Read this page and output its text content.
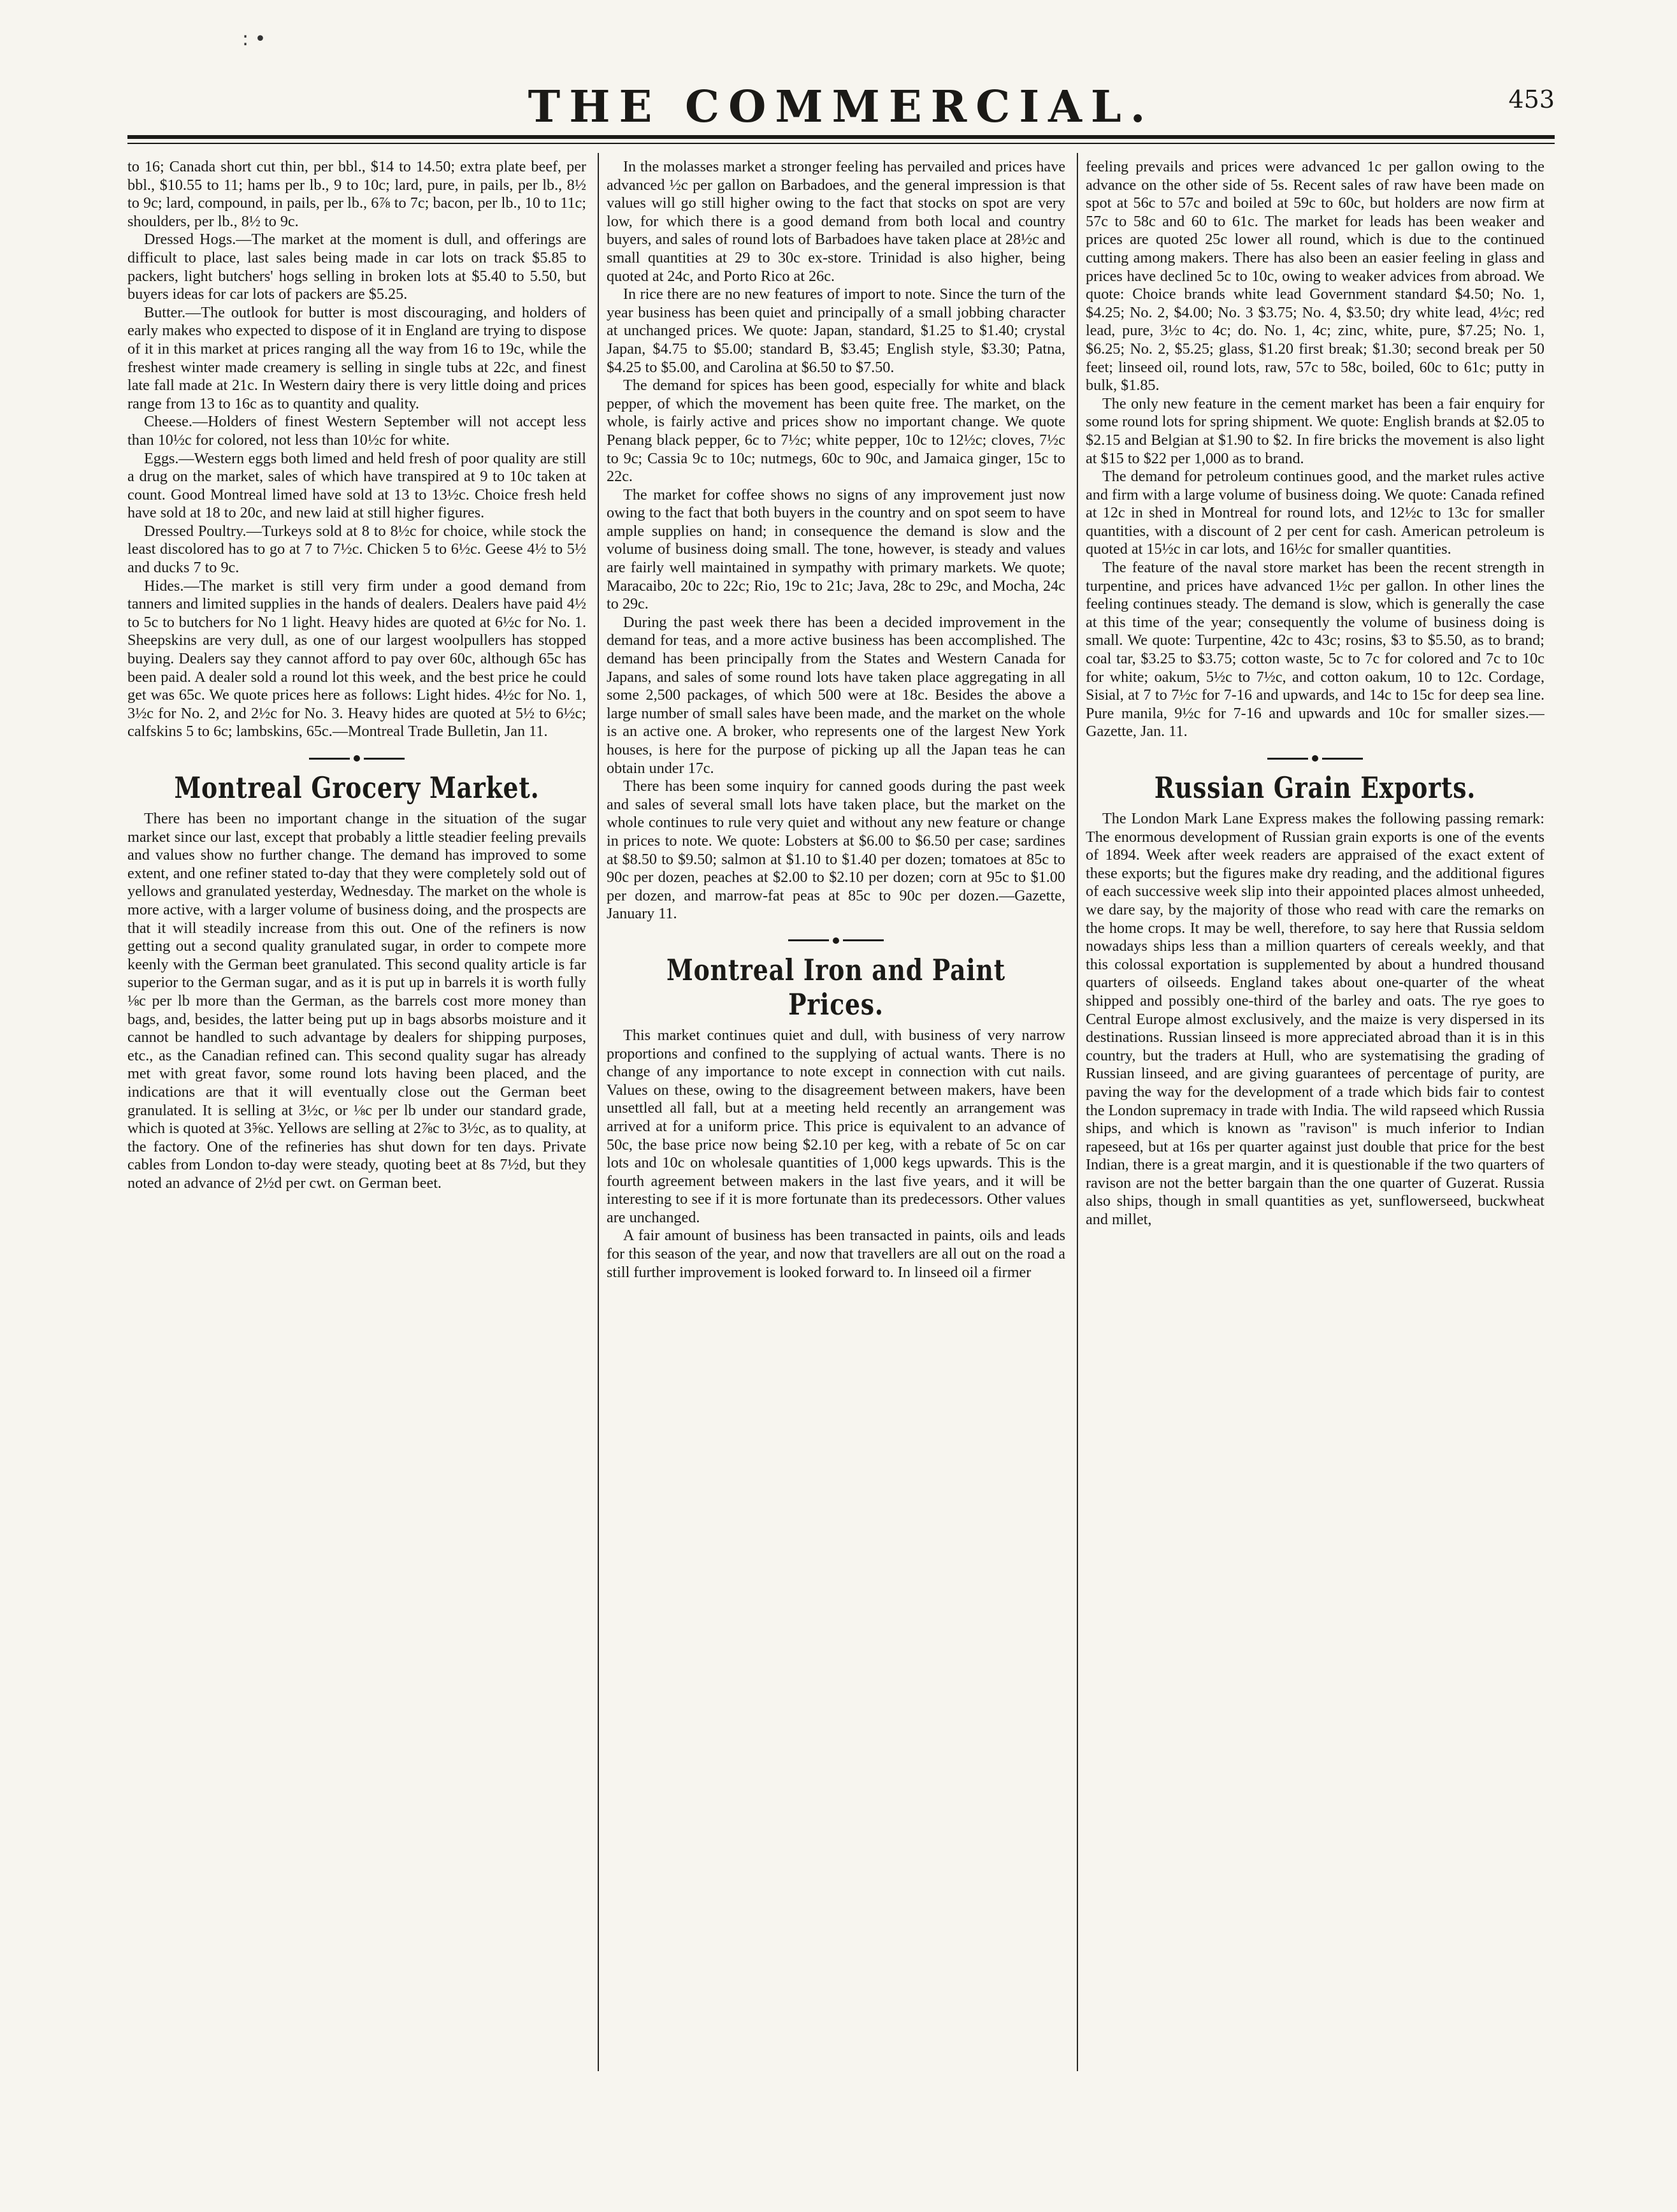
: •
THE COMMERCIAL.	453

to 16; Canada short cut thin, per bbl., $14 to 14.50; extra plate beef, per bbl., $10.55 to 11; hams per lb., 9 to 10c; lard, pure, in pails, per lb., 8½ to 9c; lard, compound, in pails, per lb., 6⅞ to 7c; bacon, per lb., 10 to 11c; shoulders, per lb., 8½ to 9c.

Dressed Hogs.—The market at the moment is dull, and offerings are difficult to place, last sales being made in car lots on track $5.85 to packers, light butchers' hogs selling in broken lots at $5.40 to 5.50, but buyers ideas for car lots of packers are $5.25.

Butter.—The outlook for butter is most discouraging, and holders of early makes who expected to dispose of it in England are trying to dispose of it in this market at prices ranging all the way from 16 to 19c, while the freshest winter made creamery is selling in single tubs at 22c, and finest late fall made at 21c. In Western dairy there is very little doing and prices range from 13 to 16c as to quantity and quality.

Cheese.—Holders of finest Western September will not accept less than 10½c for colored, not less than 10½c for white.

Eggs.—Western eggs both limed and held fresh of poor quality are still a drug on the market, sales of which have transpired at 9 to 10c taken at count. Good Montreal limed have sold at 13 to 13½c. Choice fresh held have sold at 18 to 20c, and new laid at still higher figures.

Dressed Poultry.—Turkeys sold at 8 to 8½c for choice, while stock the least discolored has to go at 7 to 7½c. Chicken 5 to 6½c. Geese 4½ to 5½ and ducks 7 to 9c.

Hides.—The market is still very firm under a good demand from tanners and limited supplies in the hands of dealers. Dealers have paid 4½ to 5c to butchers for No 1 light. Heavy hides are quoted at 6½c for No. 1. Sheepskins are very dull, as one of our largest woolpullers has stopped buying. Dealers say they cannot afford to pay over 60c, although 65c has been paid. A dealer sold a round lot this week, and the best price he could get was 65c. We quote prices here as follows: Light hides. 4½c for No. 1, 3½c for No. 2, and 2½c for No. 3. Heavy hides are quoted at 5½ to 6½c; calfskins 5 to 6c; lambskins, 65c.—Montreal Trade Bulletin, Jan 11.

Montreal Grocery Market.

There has been no important change in the situation of the sugar market since our last, except that probably a little steadier feeling prevails and values show no further change. The demand has improved to some extent, and one refiner stated to-day that they were completely sold out of yellows and granulated yesterday, Wednesday. The market on the whole is more active, with a larger volume of business doing, and the prospects are that it will steadily increase from this out. One of the refiners is now getting out a second quality granulated sugar, in order to compete more keenly with the German beet granulated. This second quality article is far superior to the German sugar, and as it is put up in barrels it is worth fully ⅛c per lb more than the German, as the barrels cost more money than bags, and, besides, the latter being put up in bags absorbs moisture and it cannot be handled to such advantage by dealers for shipping purposes, etc., as the Canadian refined can. This second quality sugar has already met with great favor, some round lots having been placed, and the indications are that it will eventually close out the German beet granulated. It is selling at 3½c, or ⅛c per lb under our standard grade, which is quoted at 3⅝c. Yellows are selling at 2⅞c to 3½c, as to quality, at the factory. One of the refineries has shut down for ten days. Private cables from London to-day were steady, quoting beet at 8s 7½d, but they noted an advance of 2½d per cwt. on German beet.

In the molasses market a stronger feeling has pervailed and prices have advanced ½c per gallon on Barbadoes, and the general impression is that values will go still higher owing to the fact that stocks on spot are very low, for which there is a good demand from both local and country buyers, and sales of round lots of Barbadoes have taken place at 28½c and small quantities at 29 to 30c ex-store. Trinidad is also higher, being quoted at 24c, and Porto Rico at 26c.

In rice there are no new features of import to note. Since the turn of the year business has been quiet and principally of a small jobbing character at unchanged prices. We quote: Japan, standard, $1.25 to $1.40; crystal Japan, $4.75 to $5.00; standard B, $3.45; English style, $3.30; Patna, $4.25 to $5.00, and Carolina at $6.50 to $7.50.

The demand for spices has been good, especially for white and black pepper, of which the movement has been quite free. The market, on the whole, is fairly active and prices show no important change. We quote Penang black pepper, 6c to 7½c; white pepper, 10c to 12½c; cloves, 7½c to 9c; Cassia 9c to 10c; nutmegs, 60c to 90c, and Jamaica ginger, 15c to 22c.

The market for coffee shows no signs of any improvement just now owing to the fact that both buyers in the country and on spot seem to have ample supplies on hand; in consequence the demand is slow and the volume of business doing small. The tone, however, is steady and values are fairly well maintained in sympathy with primary markets. We quote; Maracaibo, 20c to 22c; Rio, 19c to 21c; Java, 28c to 29c, and Mocha, 24c to 29c.

During the past week there has been a decided improvement in the demand for teas, and a more active business has been accomplished. The demand has been principally from the States and Western Canada for Japans, and sales of some round lots have taken place aggregating in all some 2,500 packages, of which 500 were at 18c. Besides the above a large number of small sales have been made, and the market on the whole is an active one. A broker, who represents one of the largest New York houses, is here for the purpose of picking up all the Japan teas he can obtain under 17c.

There has been some inquiry for canned goods during the past week and sales of several small lots have taken place, but the market on the whole continues to rule very quiet and without any new feature or change in prices to note. We quote: Lobsters at $6.00 to $6.50 per case; sardines at $8.50 to $9.50; salmon at $1.10 to $1.40 per dozen; tomatoes at 85c to 90c per dozen, peaches at $2.00 to $2.10 per dozen; corn at 95c to $1.00 per dozen, and marrow-fat peas at 85c to 90c per dozen.—Gazette, January 11.

Montreal Iron and Paint Prices.

This market continues quiet and dull, with business of very narrow proportions and confined to the supplying of actual wants. There is no change of any importance to note except in connection with cut nails. Values on these, owing to the disagreement between makers, have been unsettled all fall, but at a meeting held recently an arrangement was arrived at for a uniform price. This price is equivalent to an advance of 50c, the base price now being $2.10 per keg, with a rebate of 5c on car lots and 10c on wholesale quantities of 1,000 kegs upwards. This is the fourth agreement between makers in the last five years, and it will be interesting to see if it is more fortunate than its predecessors. Other values are unchanged.

A fair amount of business has been transacted in paints, oils and leads for this season of the year, and now that travellers are all out on the road a still further improvement is looked forward to. In linseed oil a firmer

feeling prevails and prices were advanced 1c per gallon owing to the advance on the other side of 5s. Recent sales of raw have been made on spot at 56c to 57c and boiled at 59c to 60c, but holders are now firm at 57c to 58c and 60 to 61c. The market for leads has been weaker and prices are quoted 25c lower all round, which is due to the continued cutting among makers. There has also been an easier feeling in glass and prices have declined 5c to 10c, owing to weaker advices from abroad. We quote: Choice brands white lead Government standard $4.50; No. 1, $4.25; No. 2, $4.00; No. 3 $3.75; No. 4, $3.50; dry white lead, 4½c; red lead, pure, 3½c to 4c; do. No. 1, 4c; zinc, white, pure, $7.25; No. 1, $6.25; No. 2, $5.25; glass, $1.20 first break; $1.30; second break per 50 feet; linseed oil, round lots, raw, 57c to 58c, boiled, 60c to 61c; putty in bulk, $1.85.

The only new feature in the cement market has been a fair enquiry for some round lots for spring shipment. We quote: English brands at $2.05 to $2.15 and Belgian at $1.90 to $2. In fire bricks the movement is also light at $15 to $22 per 1,000 as to brand.

The demand for petroleum continues good, and the market rules active and firm with a large volume of business doing. We quote: Canada refined at 12c in shed in Montreal for round lots, and 12½c to 13c for smaller quantities, with a discount of 2 per cent for cash. American petroleum is quoted at 15½c in car lots, and 16½c for smaller quantities.

The feature of the naval store market has been the recent strength in turpentine, and prices have advanced 1½c per gallon. In other lines the feeling continues steady. The demand is slow, which is generally the case at this time of the year; consequently the volume of business doing is small. We quote: Turpentine, 42c to 43c; rosins, $3 to $5.50, as to brand; coal tar, $3.25 to $3.75; cotton waste, 5c to 7c for colored and 7c to 10c for white; oakum, 5½c to 7½c, and cotton oakum, 10 to 12c. Cordage, Sisial, at 7 to 7½c for 7-16 and upwards, and 14c to 15c for deep sea line. Pure manila, 9½c for 7-16 and upwards and 10c for smaller sizes.—Gazette, Jan. 11.

Russian Grain Exports.

The London Mark Lane Express makes the following passing remark: The enormous development of Russian grain exports is one of the events of 1894. Week after week readers are appraised of the exact extent of these exports; but the figures make dry reading, and the additional figures of each successive week slip into their appointed places almost unheeded, we dare say, by the majority of those who read with care the remarks on the home crops. It may be well, therefore, to say here that Russia seldom nowadays ships less than a million quarters of cereals weekly, and that this colossal exportation is supplemented by about a hundred thousand quarters of oilseeds. England takes about one-quarter of the wheat shipped and possibly one-third of the barley and oats. The rye goes to Central Europe almost exclusively, and the maize is very dispersed in its destinations. Russian linseed is more appreciated abroad than it is in this country, but the traders at Hull, who are systematising the grading of Russian linseed, and are giving guarantees of percentage of purity, are paving the way for the development of a trade which bids fair to contest the London supremacy in trade with India. The wild rapseed which Russia ships, and which is known as "ravison" is much inferior to Indian rapeseed, but at 16s per quarter against just double that price for the best Indian, there is a great margin, and it is questionable if the two quarters of ravison are not the better bargain than the one quarter of Guzerat. Russia also ships, though in small quantities as yet, sunflowerseed, buckwheat and millet,
